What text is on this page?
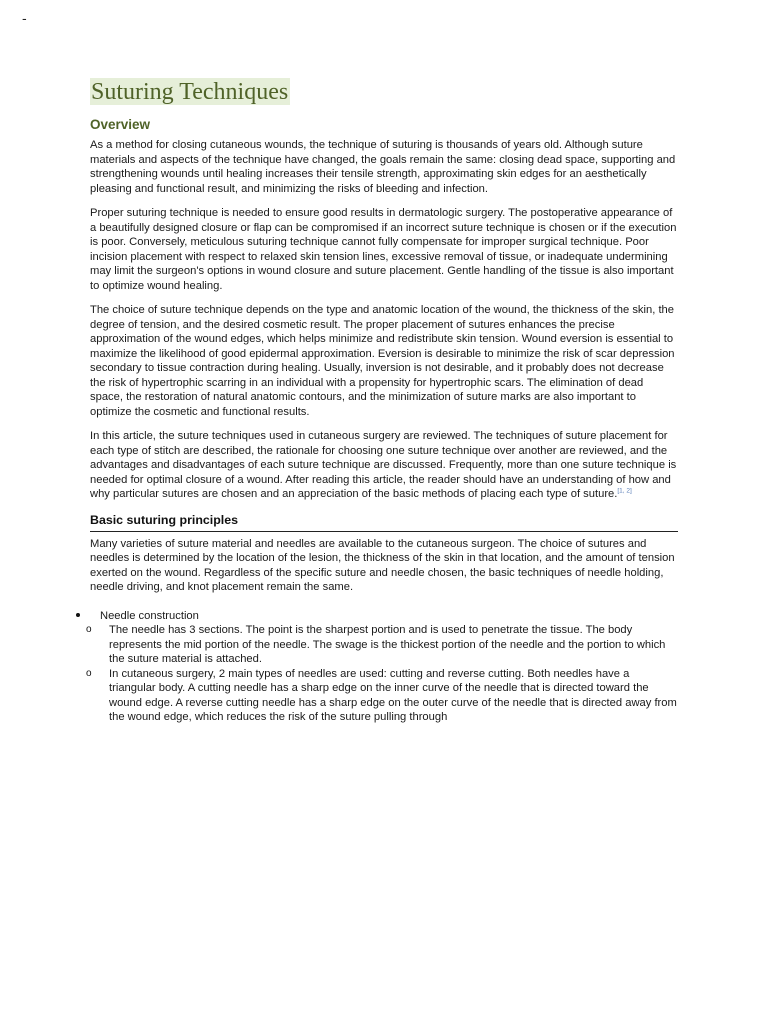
-
Suturing Techniques
Overview

As a method for closing cutaneous wounds, the technique of suturing is thousands of years old. Although suture materials and aspects of the technique have changed, the goals remain the same: closing dead space, supporting and strengthening wounds until healing increases their tensile strength, approximating skin edges for an aesthetically pleasing and functional result, and minimizing the risks of bleeding and infection.

Proper suturing technique is needed to ensure good results in dermatologic surgery. The postoperative appearance of a beautifully designed closure or flap can be compromised if an incorrect suture technique is chosen or if the execution is poor. Conversely, meticulous suturing technique cannot fully compensate for improper surgical technique. Poor incision placement with respect to relaxed skin tension lines, excessive removal of tissue, or inadequate undermining may limit the surgeon's options in wound closure and suture placement. Gentle handling of the tissue is also important to optimize wound healing.

The choice of suture technique depends on the type and anatomic location of the wound, the thickness of the skin, the degree of tension, and the desired cosmetic result. The proper placement of sutures enhances the precise approximation of the wound edges, which helps minimize and redistribute skin tension. Wound eversion is essential to maximize the likelihood of good epidermal approximation. Eversion is desirable to minimize the risk of scar depression secondary to tissue contraction during healing. Usually, inversion is not desirable, and it probably does not decrease the risk of hypertrophic scarring in an individual with a propensity for hypertrophic scars. The elimination of dead space, the restoration of natural anatomic contours, and the minimization of suture marks are also important to optimize the cosmetic and functional results.

In this article, the suture techniques used in cutaneous surgery are reviewed. The techniques of suture placement for each type of stitch are described, the rationale for choosing one suture technique over another are reviewed, and the advantages and disadvantages of each suture technique are discussed. Frequently, more than one suture technique is needed for optimal closure of a wound. After reading this article, the reader should have an understanding of how and why particular sutures are chosen and an appreciation of the basic methods of placing each type of suture.[1, 2]

Basic suturing principles

Many varieties of suture material and needles are available to the cutaneous surgeon. The choice of sutures and needles is determined by the location of the lesion, the thickness of the skin in that location, and the amount of tension exerted on the wound. Regardless of the specific suture and needle chosen, the basic techniques of needle holding, needle driving, and knot placement remain the same.

Needle construction
o The needle has 3 sections. The point is the sharpest portion and is used to penetrate the tissue. The body represents the mid portion of the needle. The swage is the thickest portion of the needle and the portion to which the suture material is attached.
o In cutaneous surgery, 2 main types of needles are used: cutting and reverse cutting. Both needles have a triangular body. A cutting needle has a sharp edge on the inner curve of the needle that is directed toward the wound edge. A reverse cutting needle has a sharp edge on the outer curve of the needle that is directed away from the wound edge, which reduces the risk of the suture pulling through
